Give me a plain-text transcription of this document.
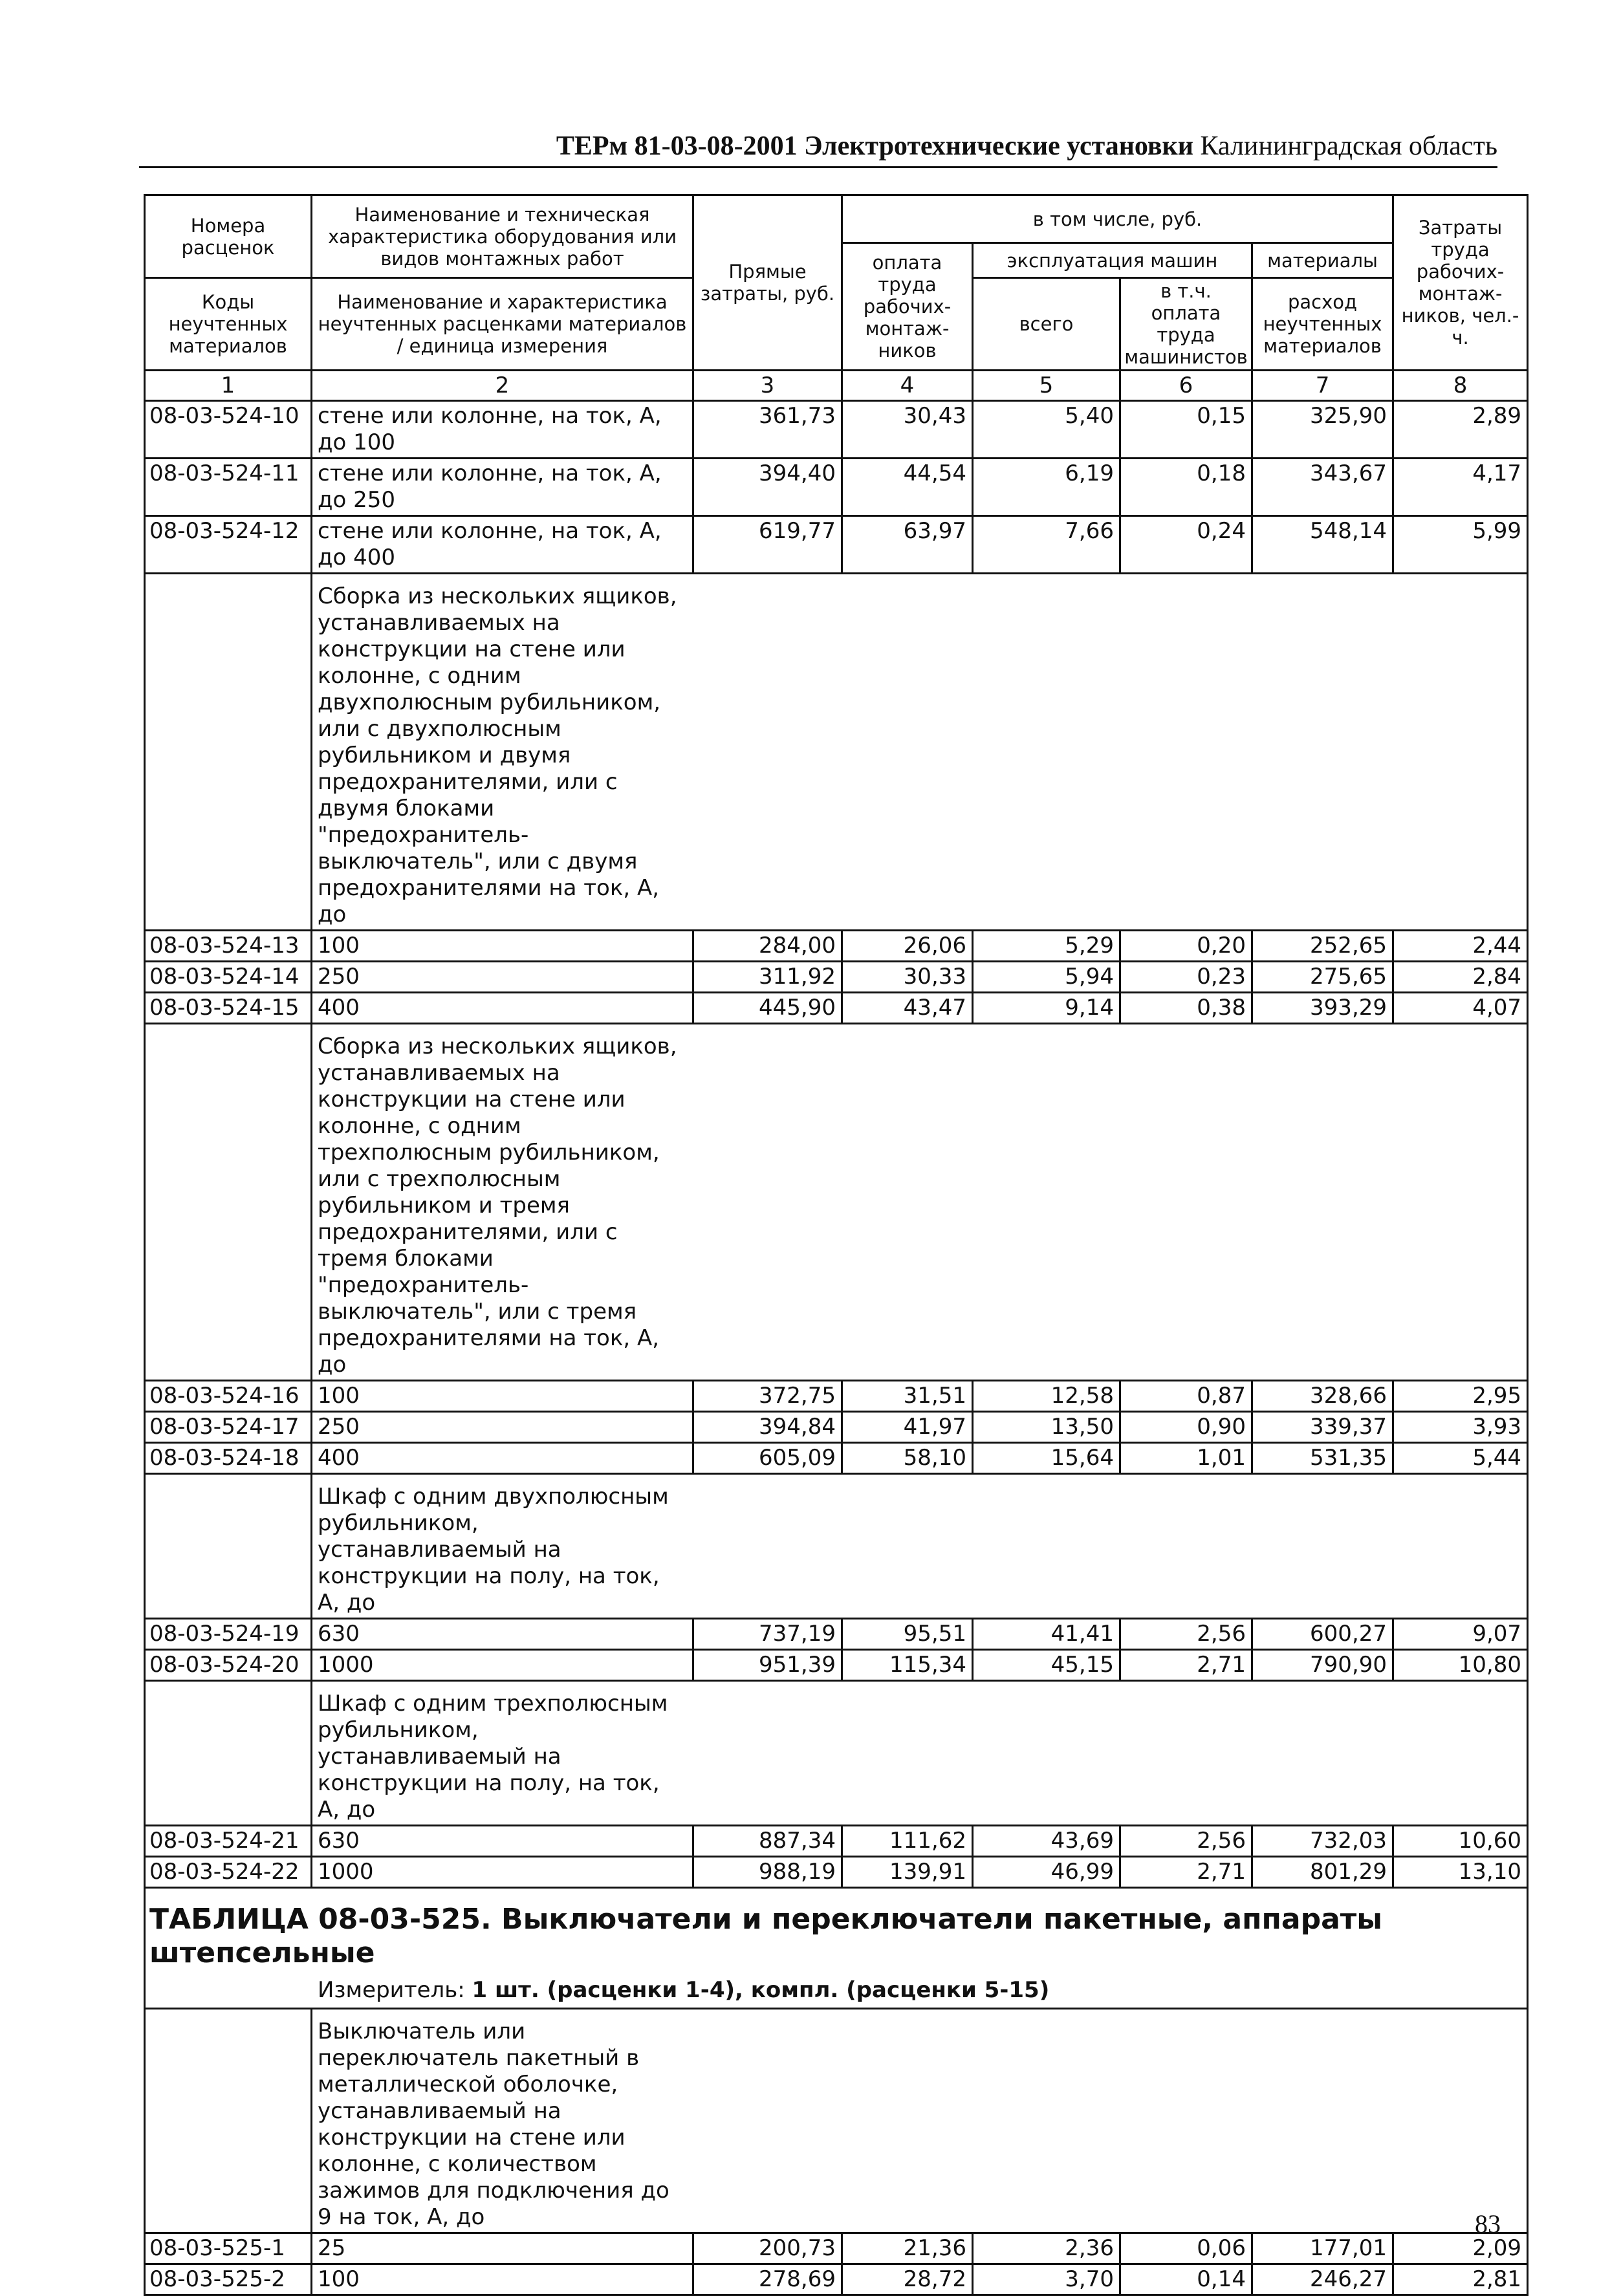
ТЕРм 81-03-08-2001 Электротехнические установки Калининградская область
Номера расценок	Наименование и техническая характеристика оборудования или видов монтажных работ	Прямые затраты, руб.	в том числе, руб.				Затраты труда рабочих-монтаж-ников, чел.-ч.
			оплата труда рабочих-монтаж-ников	эксплуатация машин		материалы	
Коды неучтенных материалов	Наименование и характеристика неучтенных расценками материалов / единица измерения			всего	в т.ч. оплата труда машинистов	расход неучтенных материалов	

1	2	3	4	5	6	7	8
08-03-524-10	стене или колонне, на ток, А, до 100	361,73	30,43	5,40	0,15	325,90	2,89
08-03-524-11	стене или колонне, на ток, А, до 250	394,40	44,54	6,19	0,18	343,67	4,17
08-03-524-12	стене или колонне, на ток, А, до 400	619,77	63,97	7,66	0,24	548,14	5,99
	Сборка из нескольких ящиков, устанавливаемых на конструкции на стене или колонне, с одним двухполюсным рубильником, или с двухполюсным рубильником и двумя предохранителями, или с двумя блоками "предохранитель-выключатель", или с двумя предохранителями на ток, А, до						
08-03-524-13	100	284,00	26,06	5,29	0,20	252,65	2,44
08-03-524-14	250	311,92	30,33	5,94	0,23	275,65	2,84
08-03-524-15	400	445,90	43,47	9,14	0,38	393,29	4,07
	Сборка из нескольких ящиков, устанавливаемых на конструкции на стене или колонне, с одним трехполюсным рубильником, или с трехполюсным рубильником и тремя предохранителями, или с тремя блоками "предохранитель-выключатель", или с тремя предохранителями на ток, А, до						
08-03-524-16	100	372,75	31,51	12,58	0,87	328,66	2,95
08-03-524-17	250	394,84	41,97	13,50	0,90	339,37	3,93
08-03-524-18	400	605,09	58,10	15,64	1,01	531,35	5,44
	Шкаф с одним двухполюсным рубильником, устанавливаемый на конструкции на полу, на ток, А, до						
08-03-524-19	630	737,19	95,51	41,41	2,56	600,27	9,07
08-03-524-20	1000	951,39	115,34	45,15	2,71	790,90	10,80
	Шкаф с одним трехполюсным рубильником, устанавливаемый на конструкции на полу, на ток, А, до						
08-03-524-21	630	887,34	111,62	43,69	2,56	732,03	10,60
08-03-524-22	1000	988,19	139,91	46,99	2,71	801,29	13,10

ТАБЛИЦА 08-03-525. Выключатели и переключатели пакетные, аппараты штепсельные
Измеритель: 1 шт. (расценки 1-4), компл. (расценки 5-15)							

	Выключатель или переключатель пакетный в металлической оболочке, устанавливаемый на конструкции на стене или колонне, с количеством зажимов для подключения до 9 на ток, А, до						
08-03-525-1	25	200,73	21,36	2,36	0,06	177,01	2,09
08-03-525-2	100	278,69	28,72	3,70	0,14	246,27	2,81
83
